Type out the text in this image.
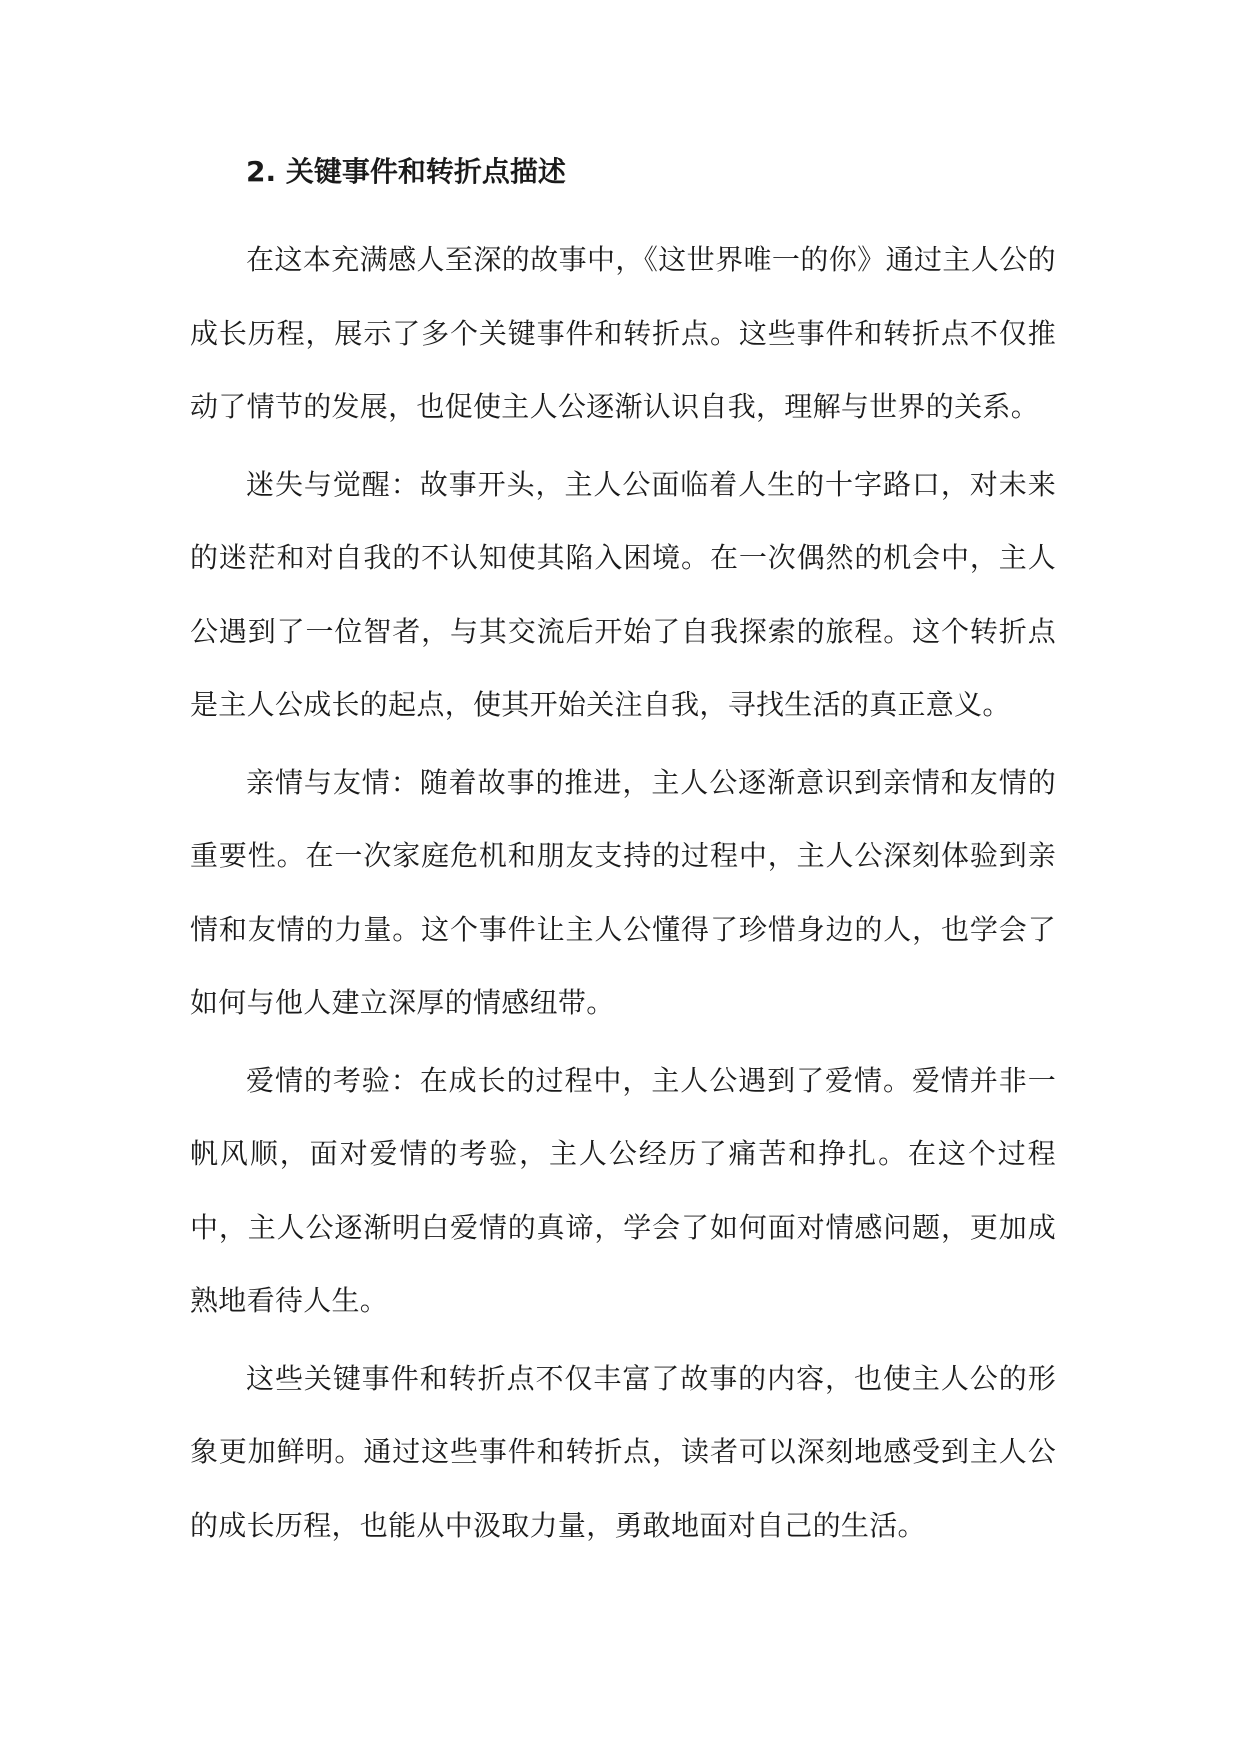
2. 关键事件和转折点描述

在这本充满感人至深的故事中，《这世界唯一的你》通过主人公的成长历程，展示了多个关键事件和转折点。这些事件和转折点不仅推动了情节的发展，也促使主人公逐渐认识自我，理解与世界的关系。

迷失与觉醒：故事开头，主人公面临着人生的十字路口，对未来的迷茫和对自我的不认知使其陷入困境。在一次偶然的机会中，主人公遇到了一位智者，与其交流后开始了自我探索的旅程。这个转折点是主人公成长的起点，使其开始关注自我，寻找生活的真正意义。

亲情与友情：随着故事的推进，主人公逐渐意识到亲情和友情的重要性。在一次家庭危机和朋友支持的过程中，主人公深刻体验到亲情和友情的力量。这个事件让主人公懂得了珍惜身边的人，也学会了如何与他人建立深厚的情感纽带。

爱情的考验：在成长的过程中，主人公遇到了爱情。爱情并非一帆风顺，面对爱情的考验，主人公经历了痛苦和挣扎。在这个过程中，主人公逐渐明白爱情的真谛，学会了如何面对情感问题，更加成熟地看待人生。

这些关键事件和转折点不仅丰富了故事的内容，也使主人公的形象更加鲜明。通过这些事件和转折点，读者可以深刻地感受到主人公的成长历程，也能从中汲取力量，勇敢地面对自己的生活。
